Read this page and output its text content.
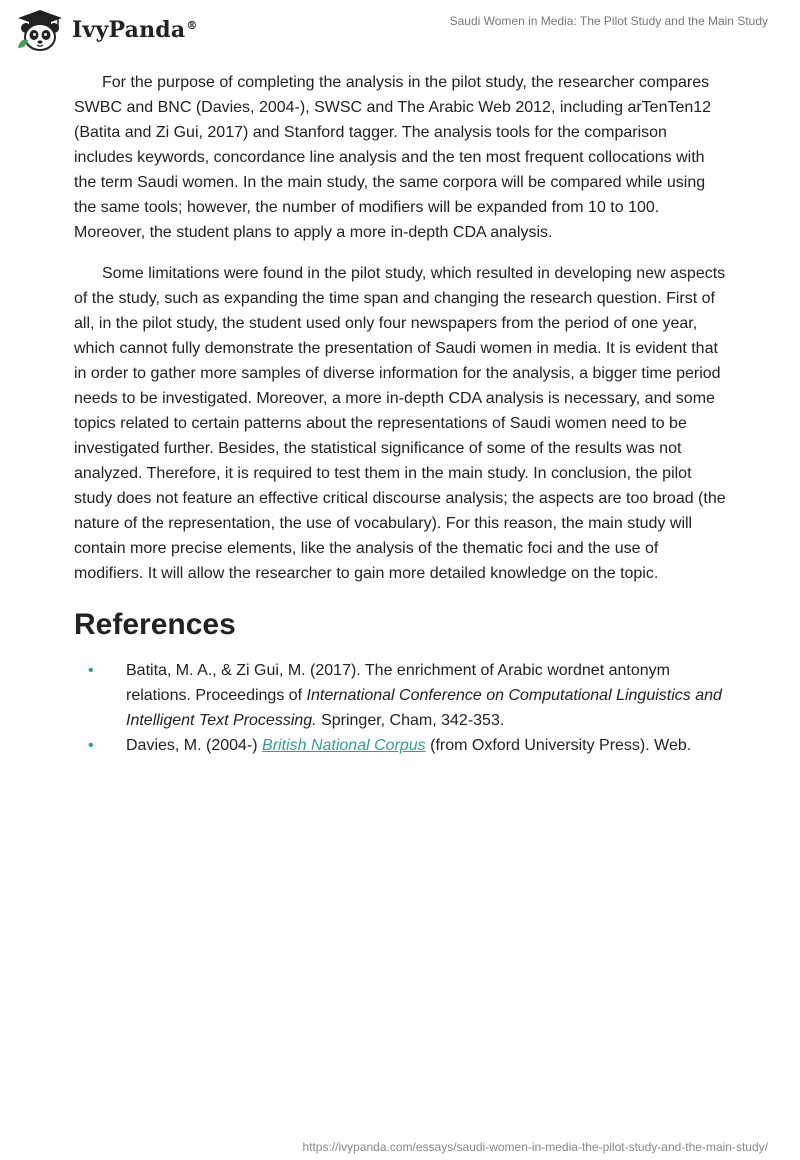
IvyPanda®	Saudi Women in Media: The Pilot Study and the Main Study

For the purpose of completing the analysis in the pilot study, the researcher compares SWBC and BNC (Davies, 2004-), SWSC and The Arabic Web 2012, including arTenTen12 (Batita and Zi Gui, 2017) and Stanford tagger. The analysis tools for the comparison includes keywords, concordance line analysis and the ten most frequent collocations with the term Saudi women. In the main study, the same corpora will be compared while using the same tools; however, the number of modifiers will be expanded from 10 to 100. Moreover, the student plans to apply a more in-depth CDA analysis.

Some limitations were found in the pilot study, which resulted in developing new aspects of the study, such as expanding the time span and changing the research question. First of all, in the pilot study, the student used only four newspapers from the period of one year, which cannot fully demonstrate the presentation of Saudi women in media. It is evident that in order to gather more samples of diverse information for the analysis, a bigger time period needs to be investigated. Moreover, a more in-depth CDA analysis is necessary, and some topics related to certain patterns about the representations of Saudi women need to be investigated further. Besides, the statistical significance of some of the results was not analyzed. Therefore, it is required to test them in the main study. In conclusion, the pilot study does not feature an effective critical discourse analysis; the aspects are too broad (the nature of the representation, the use of vocabulary). For this reason, the main study will contain more precise elements, like the analysis of the thematic foci and the use of modifiers. It will allow the researcher to gain more detailed knowledge on the topic.

References
• Batita, M. A., & Zi Gui, M. (2017). The enrichment of Arabic wordnet antonym relations. Proceedings of International Conference on Computational Linguistics and Intelligent Text Processing. Springer, Cham, 342-353.
• Davies, M. (2004-) British National Corpus (from Oxford University Press). Web.
https://ivypanda.com/essays/saudi-women-in-media-the-pilot-study-and-the-main-study/
